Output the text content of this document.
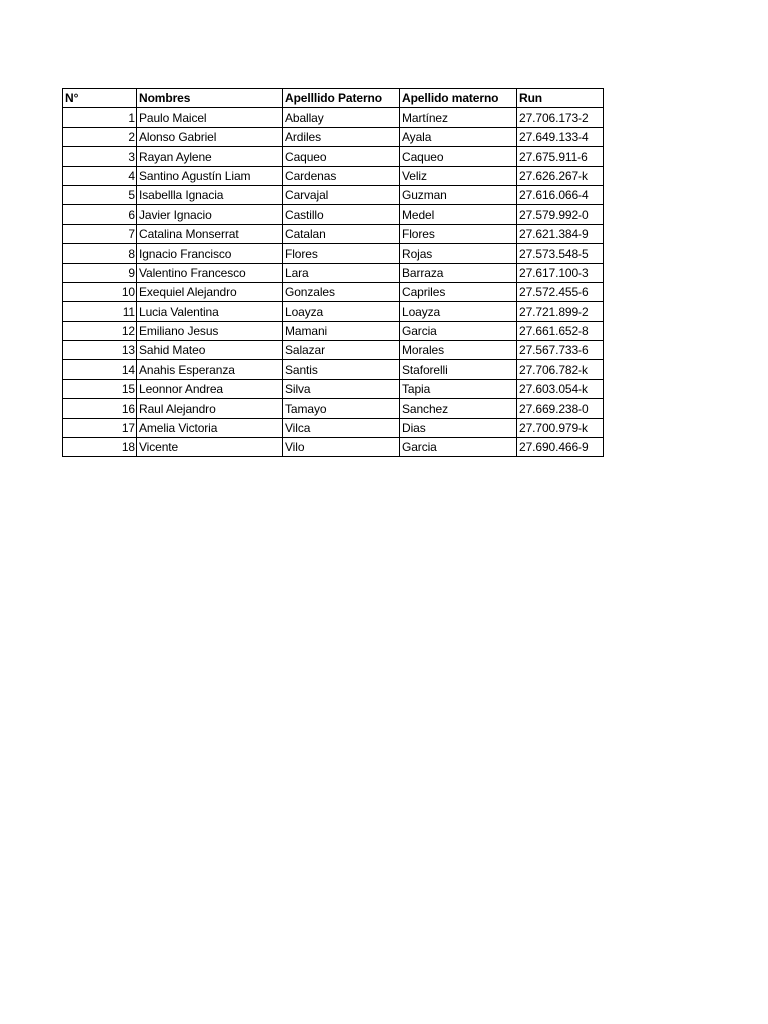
N°	Nombres	Apelllido Paterno	Apellido materno	Run
1	Paulo Maicel	Aballay	Martínez	27.706.173-2
2	Alonso Gabriel	Ardiles	Ayala	27.649.133-4
3	Rayan Aylene	Caqueo	Caqueo	27.675.911-6
4	Santino Agustín Liam	Cardenas	Veliz	27.626.267-k
5	Isabellla Ignacia	Carvajal	Guzman	27.616.066-4
6	Javier Ignacio	Castillo	Medel	27.579.992-0
7	Catalina Monserrat	Catalan	Flores	27.621.384-9
8	Ignacio Francisco	Flores	Rojas	27.573.548-5
9	Valentino Francesco	Lara	Barraza	27.617.100-3
10	Exequiel Alejandro	Gonzales	Capriles	27.572.455-6
11	Lucia Valentina	Loayza	Loayza	27.721.899-2
12	Emiliano Jesus	Mamani	Garcia	27.661.652-8
13	Sahid Mateo	Salazar	Morales	27.567.733-6
14	Anahis Esperanza	Santis	Staforelli	27.706.782-k
15	Leonnor Andrea	Silva	Tapia	27.603.054-k
16	Raul Alejandro	Tamayo	Sanchez	27.669.238-0
17	Amelia Victoria	Vilca	Dias	27.700.979-k
18	Vicente	Vilo	Garcia	27.690.466-9
